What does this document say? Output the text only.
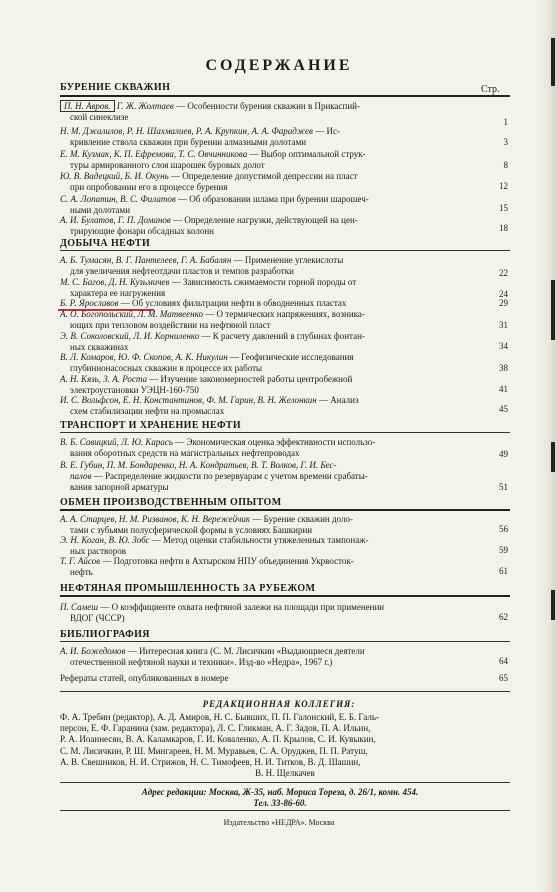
СОДЕРЖАНИЕ
Стр.
БУРЕНИЕ СКВАЖИН
П. Н. Авров. Г. Ж. Жолтаев — Особенности бурения скважин в Прикаспий-
ской синеклизе	1
Н. М. Джалилов, Р. Н. Шахмалиев, Р. А. Крупкин, А. А. Фараджев — Ис-
кривление ствола скважин при бурении алмазными долотами	3
Е. М. Кузмак, К. П. Ефремова, Т. С. Овчинникова — Выбор оптимальной струк-
туры армированного слоя шарошек буровых долот	8
Ю. В. Вадецкий, Б. И. Окунь — Определение допустимой депрессии на пласт
при опробовании его в процессе бурения	12
С. А. Лопатин, В. С. Филатов — Об образовании шлама при бурении шарошеч-
ными долотами	15
А. И. Булатов, Г. П. Доманов — Определение нагрузки, действующей на цен-
трирующие фонари обсадных колонн	18
ДОБЫЧА НЕФТИ
А. Б. Тумасян, В. Г. Пантелеев, Г. А. Бабалян — Применение углекислоты
для увеличения нефтеотдачи пластов и темпов разработки	22
М. С. Багов, Д. Н. Кузьмичев — Зависимость сжимаемости горной породы от
характера ее нагружения	24
Б. Р. Ярославов — Об условиях фильтрации нефти в обводненных пластах	29
А. О. Богопольский, Л. М. Матвеенко — О термических напряжениях, возника-
ющих при тепловом воздействии на нефтяной пласт	31
Э. В. Соколовский, Л. И. Корниленко — К расчету давлений в глубинах фонтан-
ных скважинах	34
В. Л. Комаров, Ю. Ф. Скопов, А. К. Никулин — Геофизические исследования
глубиннонасосных скважин в процессе их работы	38
А. Н. Кязь, З. А. Роста — Изучение закономерностей работы центробежной
электроустановки УЭЦН-160-750	41
И. С. Вольфсон, Е. Н. Константинов, Ф. М. Гарин, В. Н. Желонкин — Анализ
схем стабилизации нефти на промыслах	45
ТРАНСПОРТ И ХРАНЕНИЕ НЕФТИ
В. Б. Савицкий, Л. Ю. Карась — Экономическая оценка эффективности использо-
вания оборотных средств на магистральных нефтепроводах	49
В. Е. Губин, П. М. Бондаренко, Н. А. Кондратьев, В. Т. Волков, Г. И. Бес-
палов — Распределение жидкости по резервуарам с учетом времени срабаты-
вания запорной арматуры	51
ОБМЕН ПРОИЗВОДСТВЕННЫМ ОПЫТОМ
А. А. Старцев, Н. М. Ризванов, К. Н. Вережейчик — Бурение скважин доло-
тами с зубьями полусферической формы в условиях Башкирии	56
Э. Н. Коган, В. Ю. Зобс — Метод оценки стабильности утяжеленных тампонаж-
ных растворов	59
Т. Г. Айсов — Подготовка нефти в Ахтырском НПУ объединения Укрвосток-
нефть	61
НЕФТЯНАЯ ПРОМЫШЛЕННОСТЬ ЗА РУБЕЖОМ
П. Самеш — О коэффициенте охвата нефтяной залежи на площади при применении
ВДОГ (ЧССР)	62
БИБЛИОГРАФИЯ
А. И. Божедомов — Интересная книга (С. М. Лисичкин «Выдающиеся деятели
отечественной нефтяной науки и техники». Изд-во «Недра», 1967 г.)	64
Рефераты статей, опубликованных в номере	65
РЕДАКЦИОННАЯ КОЛЛЕГИЯ:
Ф. А. Требин (редактор), А. Д. Амиров, Н. С. Бывших, П. П. Галонский, Е. Б. Галь-
персон, Е. Ф. Гаранина (зам. редактора), Л. С. Гликман, А. Г. Задов, П. А. Ильин,
Р. А. Иоаннесян, В. А. Каламкаров, Г. И. Коваленко, А. П. Крылов, С. И. Кувыкин,
С. М. Лисичкин, Р. Ш. Мингареев, Н. М. Муравьев, С. А. Оруджев, П. П. Ратуш,
А. В. Свешников, Н. И. Стрижов, Н. С. Тимофеев, Н. И. Титков, В. Д. Шашин,
В. Н. Щелкачев
Адрес редакции: Москва, Ж-35, наб. Мориса Тореза, д. 26/1, комн. 454.
Тел. 33-86-60.
Издательство «НЕДРА». Москва
